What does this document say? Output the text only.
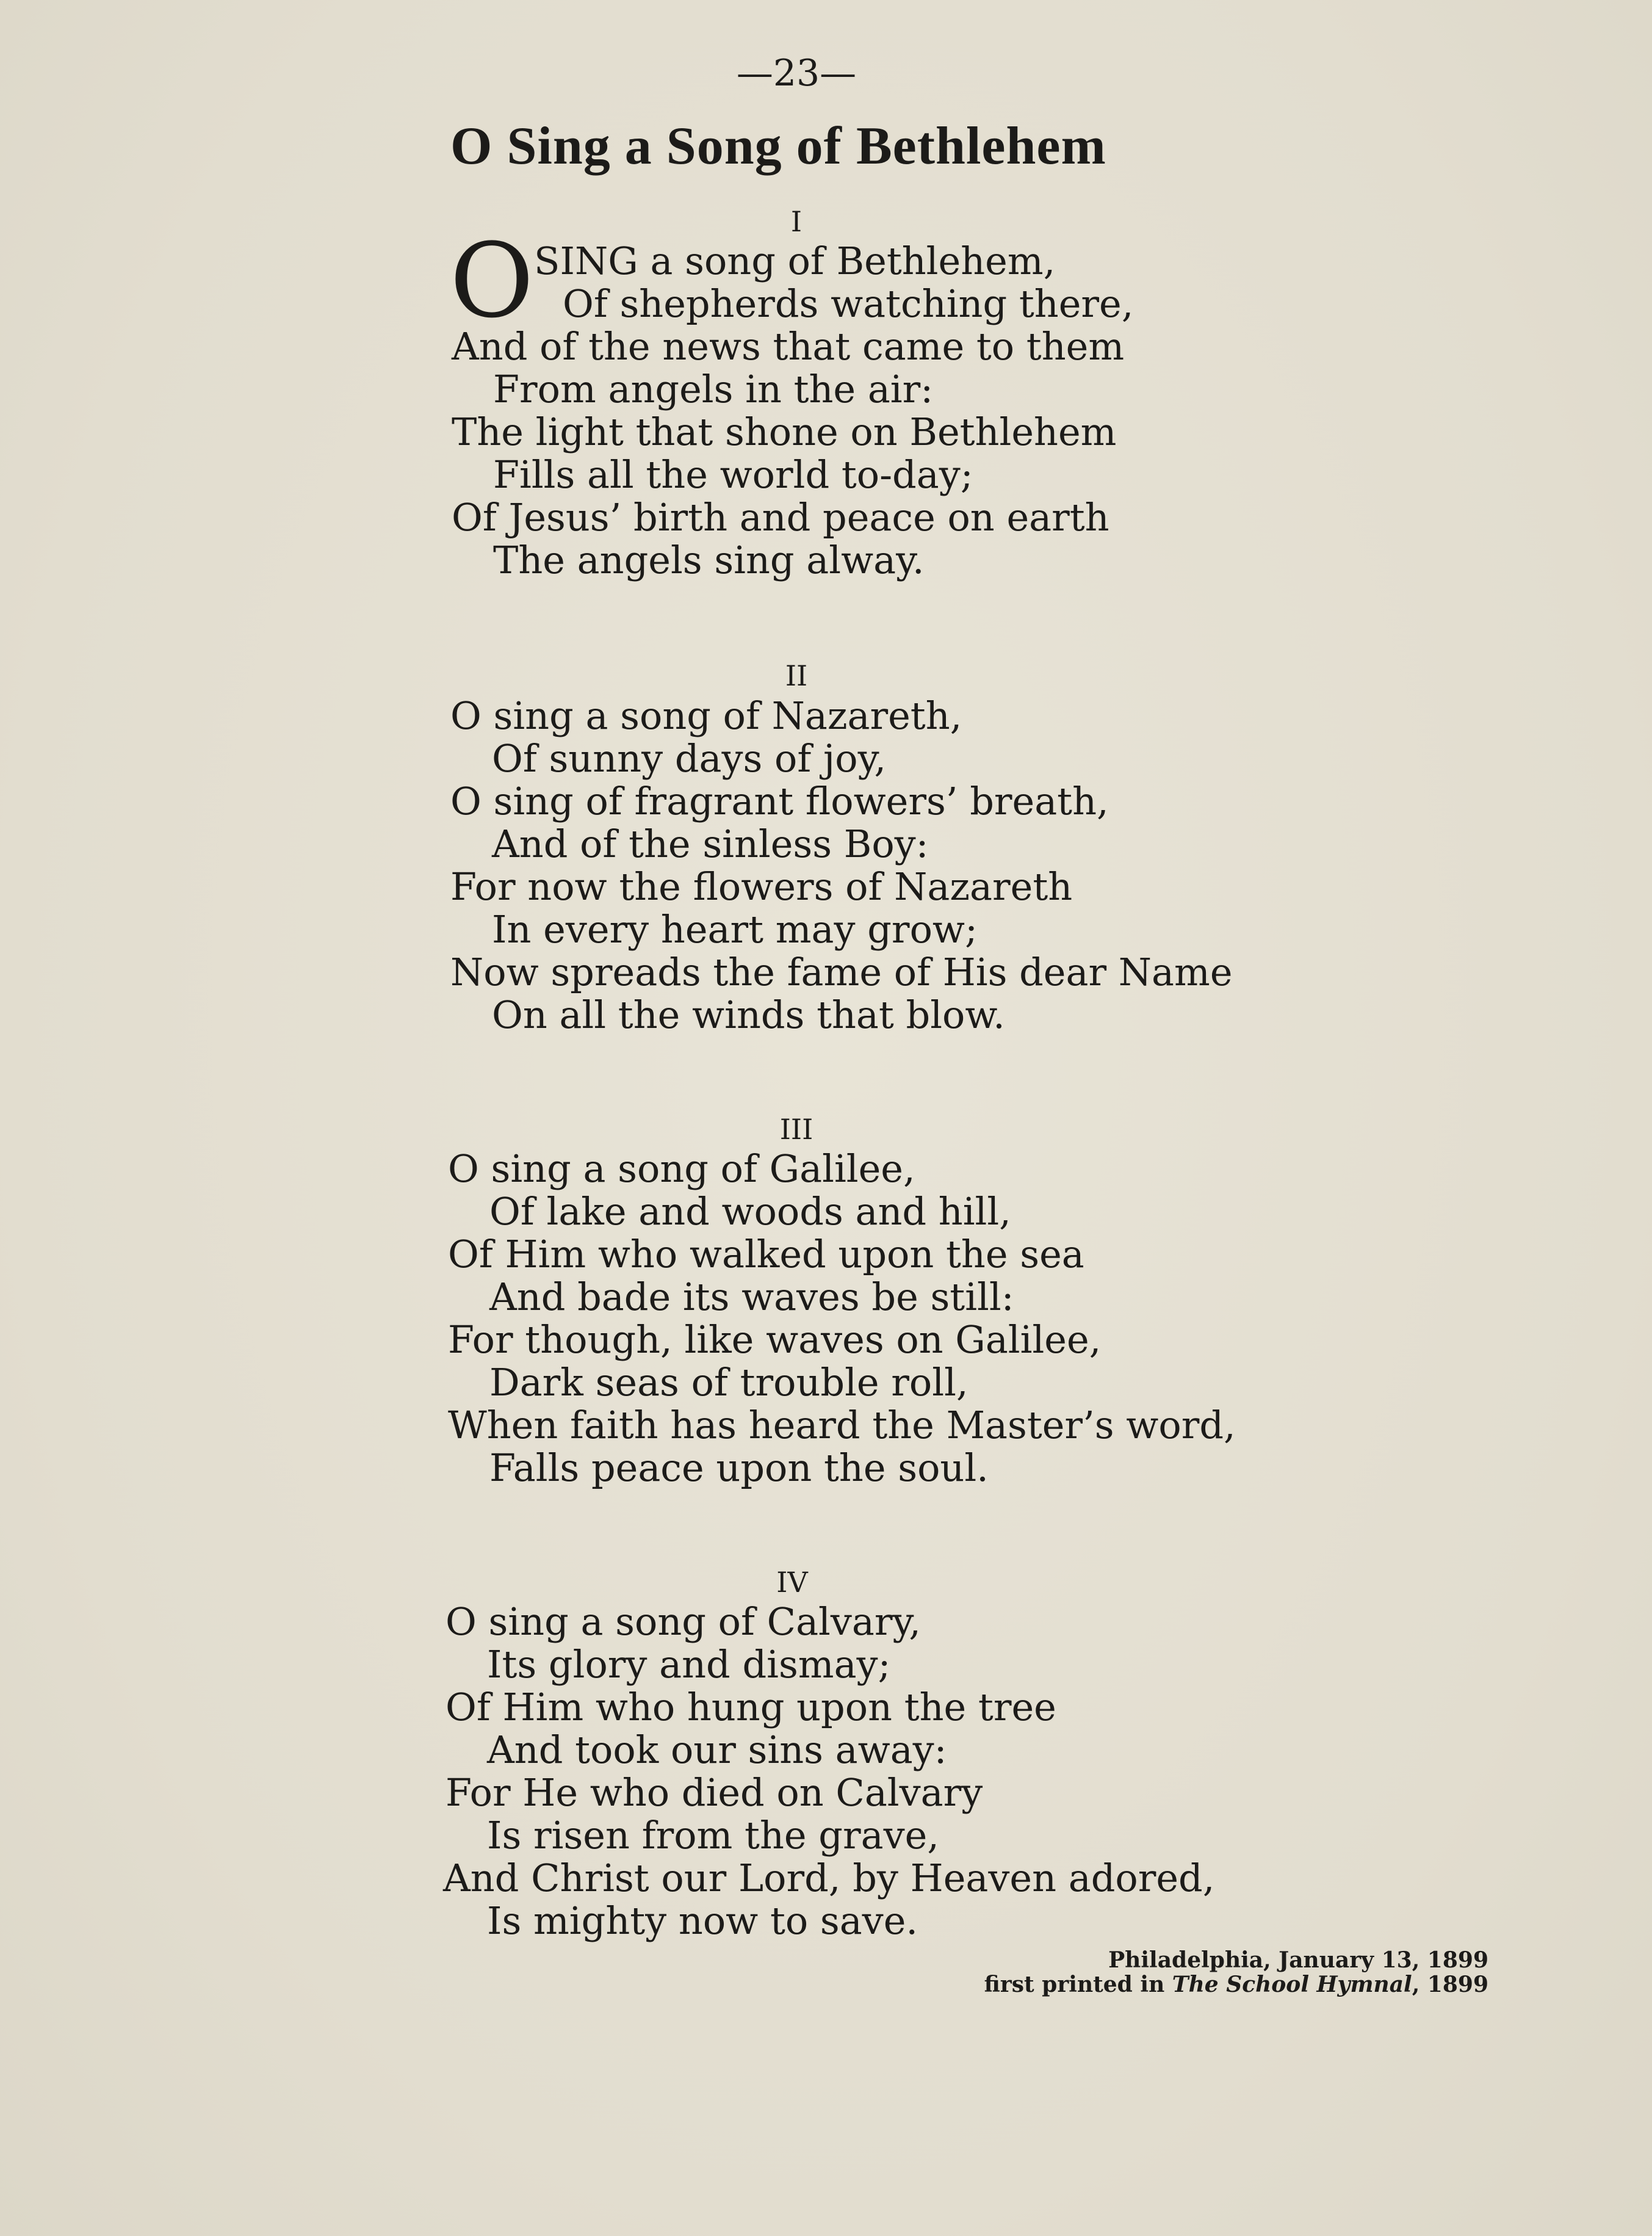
—23—
O Sing a Song of Bethlehem
I
O SING a song of Bethlehem,
Of shepherds watching there,
And of the news that came to them
From angels in the air:
The light that shone on Bethlehem
Fills all the world to-day;
Of Jesus’ birth and peace on earth
The angels sing alway.
II
O sing a song of Nazareth,
Of sunny days of joy,
O sing of fragrant flowers’ breath,
And of the sinless Boy:
For now the flowers of Nazareth
In every heart may grow;
Now spreads the fame of His dear Name
On all the winds that blow.
III
O sing a song of Galilee,
Of lake and woods and hill,
Of Him who walked upon the sea
And bade its waves be still:
For though, like waves on Galilee,
Dark seas of trouble roll,
When faith has heard the Master’s word,
Falls peace upon the soul.
IV
O sing a song of Calvary,
Its glory and dismay;
Of Him who hung upon the tree
And took our sins away:
For He who died on Calvary
Is risen from the grave,
And Christ our Lord, by Heaven adored,
Is mighty now to save.
Philadelphia, January 13, 1899
first printed in The School Hymnal, 1899
